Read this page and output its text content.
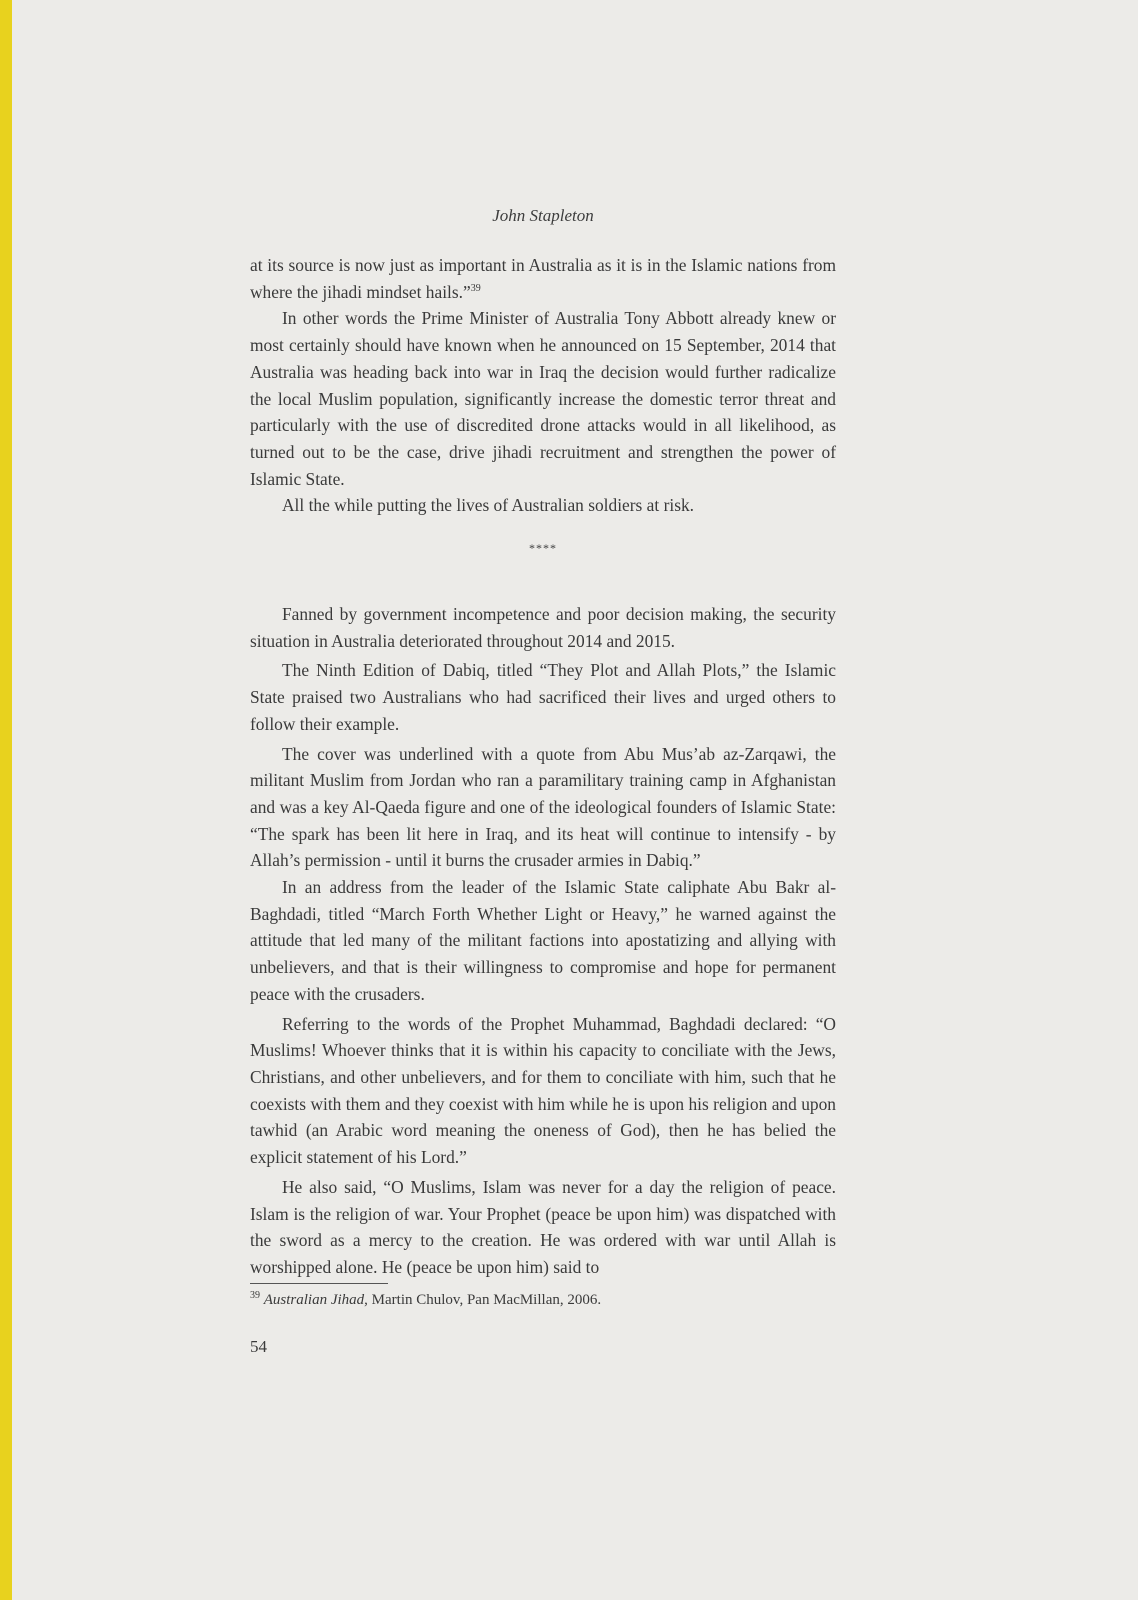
John Stapleton

at its source is now just as important in Australia as it is in the Islamic nations from where the jihadi mindset hails.”$^{39}$

In other words the Prime Minister of Australia Tony Abbott already knew or most certainly should have known when he announced on 15 September, 2014 that Australia was heading back into war in Iraq the decision would further radicalize the local Muslim population, significantly increase the domestic terror threat and particularly with the use of discredited drone attacks would in all likelihood, as turned out to be the case, drive jihadi recruitment and strengthen the power of Islamic State.

All the while putting the lives of Australian soldiers at risk.

****

Fanned by government incompetence and poor decision making, the security situation in Australia deteriorated throughout 2014 and 2015.

The Ninth Edition of Dabiq, titled “They Plot and Allah Plots,” the Islamic State praised two Australians who had sacrificed their lives and urged others to follow their example.

The cover was underlined with a quote from Abu Mus’ab az-Zarqawi, the militant Muslim from Jordan who ran a paramilitary training camp in Afghanistan and was a key Al-Qaeda figure and one of the ideological founders of Islamic State: “The spark has been lit here in Iraq, and its heat will continue to intensify - by Allah’s permission - until it burns the crusader armies in Dabiq.”

In an address from the leader of the Islamic State caliphate Abu Bakr al-Baghdadi, titled “March Forth Whether Light or Heavy,” he warned against the attitude that led many of the militant factions into apostatizing and allying with unbelievers, and that is their willingness to compromise and hope for permanent peace with the crusaders.

Referring to the words of the Prophet Muhammad, Baghdadi declared: “O Muslims! Whoever thinks that it is within his capacity to conciliate with the Jews, Christians, and other unbelievers, and for them to conciliate with him, such that he coexists with them and they coexist with him while he is upon his religion and upon tawhid (an Arabic word meaning the oneness of God), then he has belied the explicit statement of his Lord.”

He also said, “O Muslims, Islam was never for a day the religion of peace. Islam is the religion of war. Your Prophet (peace be upon him) was dispatched with the sword as a mercy to the creation. He was ordered with war until Allah is worshipped alone. He (peace be upon him) said to

$^{39}$ Australian Jihad, Martin Chulov, Pan MacMillan, 2006.
54
